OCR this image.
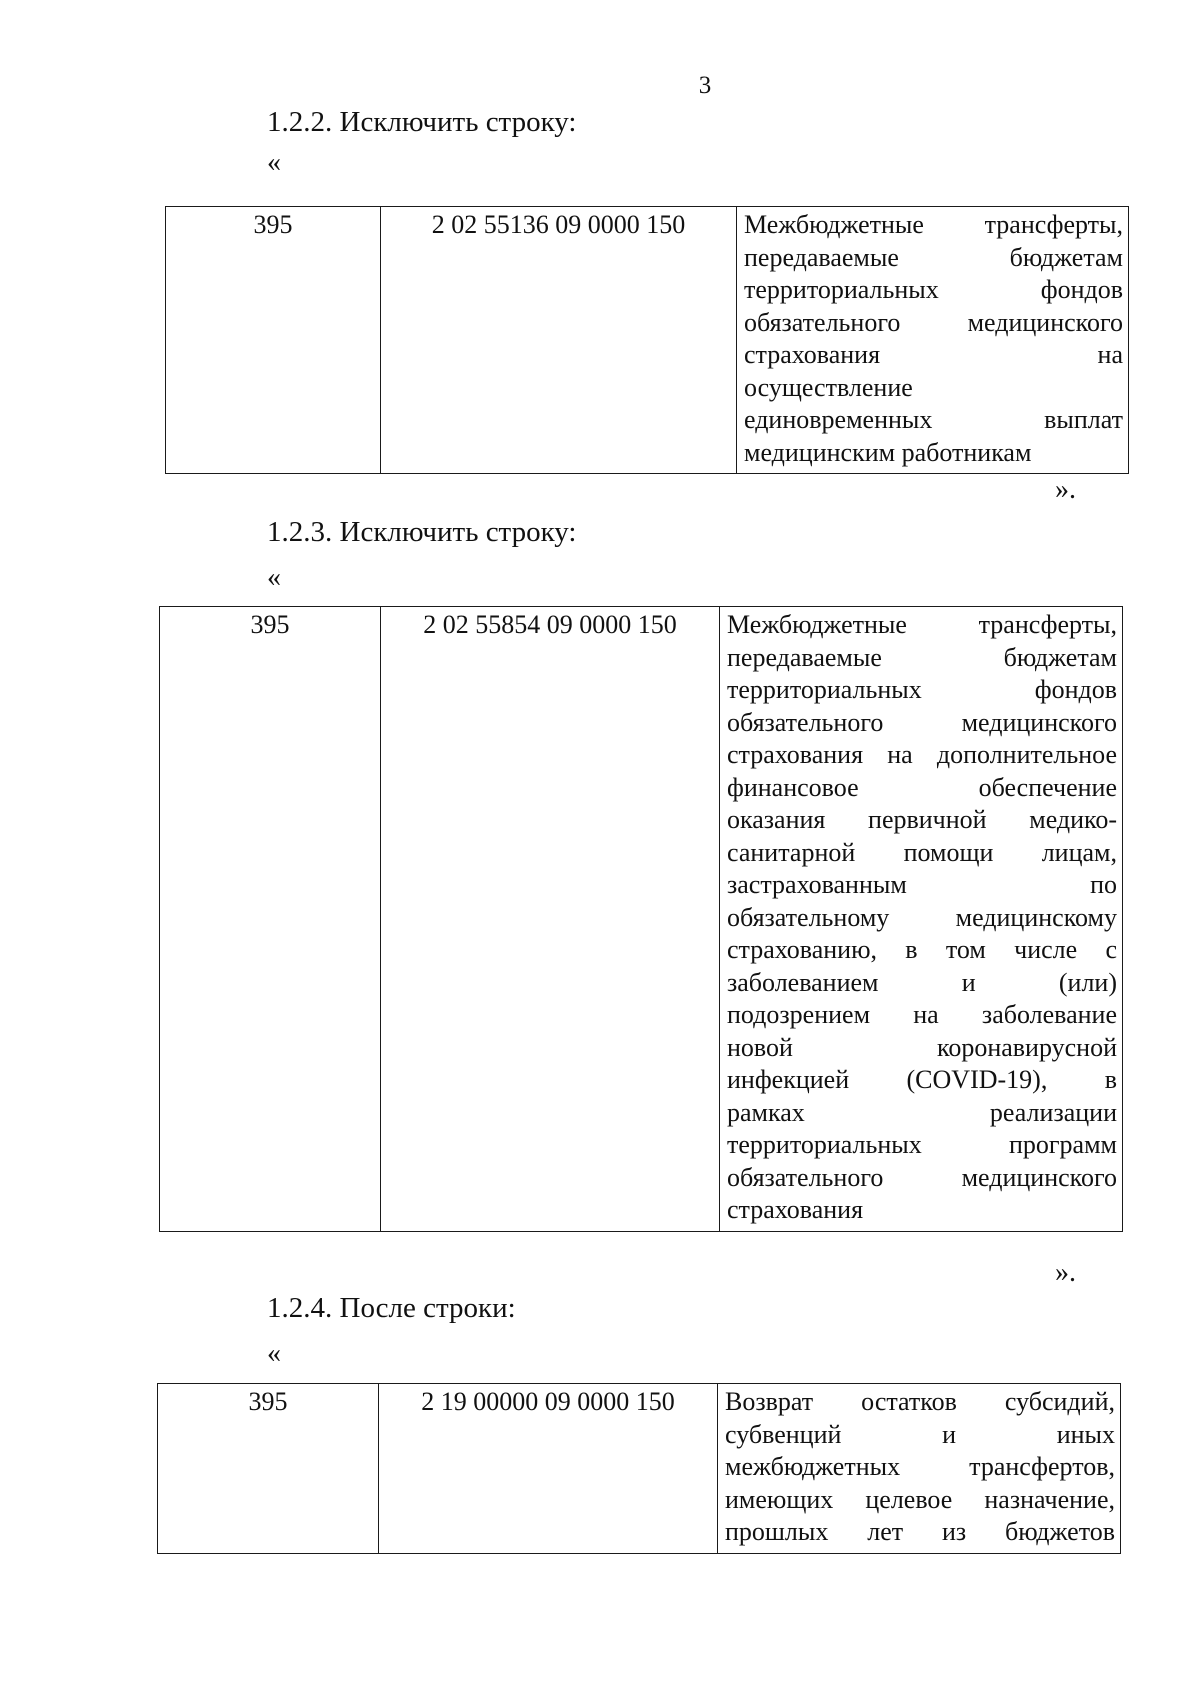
3
1.2.2. Исключить строку:
«
395	2 02 55136 09 0000 150	Межбюджетные трансферты,
передаваемые бюджетам
территориальных фондов
обязательного медицинского
страхования на
осуществление
единовременных выплат
медицинским работникам
».
1.2.3. Исключить строку:
«
395	2 02 55854 09 0000 150	Межбюджетные трансферты,
передаваемые бюджетам
территориальных фондов
обязательного медицинского
страхования на дополнительное
финансовое обеспечение
оказания первичной медико-
санитарной помощи лицам,
застрахованным по
обязательному медицинскому
страхованию, в том числе с
заболеванием и (или)
подозрением на заболевание
новой коронавирусной
инфекцией (COVID-19), в
рамках реализации
территориальных программ
обязательного медицинского
страхования
».
1.2.4. После строки:
«
395	2 19 00000 09 0000 150	Возврат остатков субсидий,
субвенций и иных
межбюджетных трансфертов,
имеющих целевое назначение,
прошлых лет из бюджетов
